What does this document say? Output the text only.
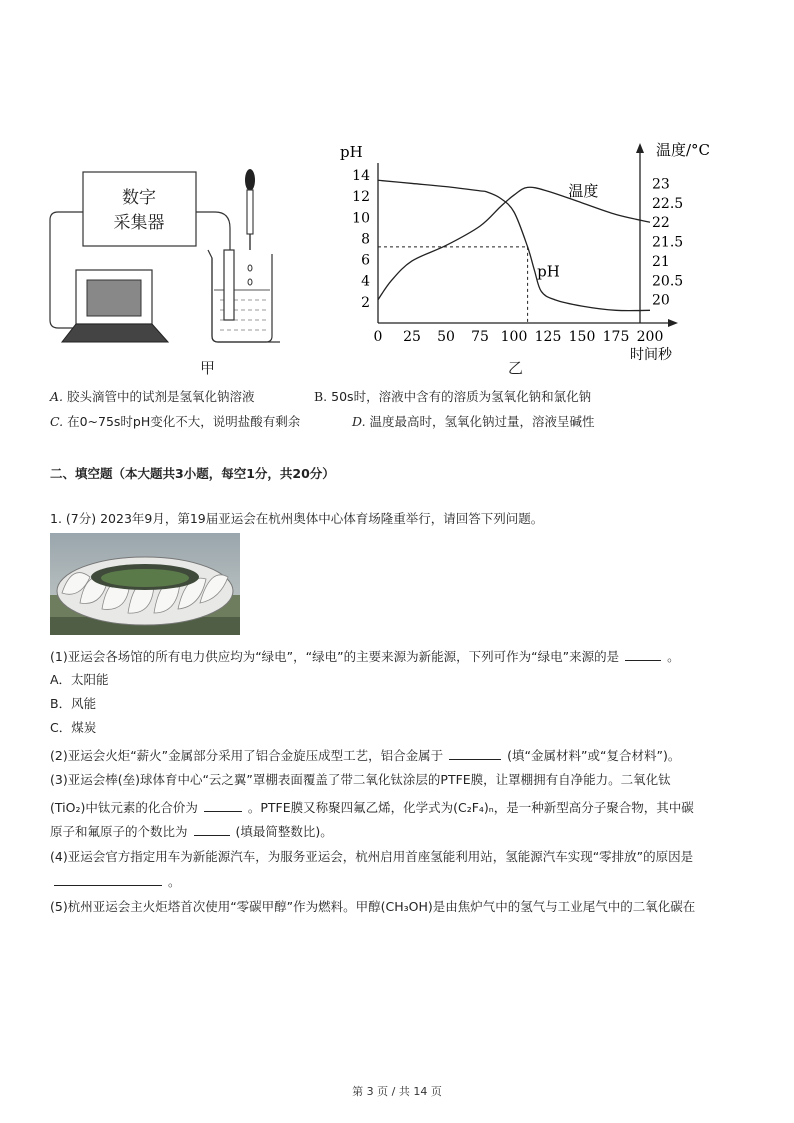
数字
采集器
甲
pH	温度/°C
时间秒
0 25 50 75 100 125 150 175 200
2
4
6
8
10
12
14
20
20.5
21
21.5
22
22.5
23
温度
pH
乙
A. 胶头滴管中的试剂是氢氧化钠溶液	B. 50s时，溶液中含有的溶质为氢氧化钠和氯化钠
C. 在0~75s时pH变化不大，说明盐酸有剩余	D. 温度最高时，氢氧化钠过量，溶液呈碱性
二、填空题（本大题共3小题，每空1分，共20分）
1. (7分) 2023年9月，第19届亚运会在杭州奥体中心体育场隆重举行，请回答下列问题。
(1)亚运会各场馆的所有电力供应均为“绿电”，“绿电”的主要来源为新能源，下列可作为“绿电”来源的是	。
A．太阳能
B．风能
C．煤炭
(2)亚运会火炬“薪火”金属部分采用了铝合金旋压成型工艺，铝合金属于	(填“金属材料”或“复合材料”)。
(3)亚运会棒(垒)球体育中心“云之翼”罩棚表面覆盖了带二氧化钛涂层的PTFE膜，让罩棚拥有自净能力。二氧化钛
(TiO₂)中钛元素的化合价为	。PTFE膜又称聚四氟乙烯，化学式为(C₂F₄)ₙ，是一种新型高分子聚合物，其中碳
原子和氟原子的个数比为	(填最简整数比)。
(4)亚运会官方指定用车为新能源汽车，为服务亚运会，杭州启用首座氢能利用站，氢能源汽车实现“零排放”的原因是
。
(5)杭州亚运会主火炬塔首次使用“零碳甲醇”作为燃料。甲醇(CH₃OH)是由焦炉气中的氢气与工业尾气中的二氧化碳在
第 3 页 / 共 14 页
